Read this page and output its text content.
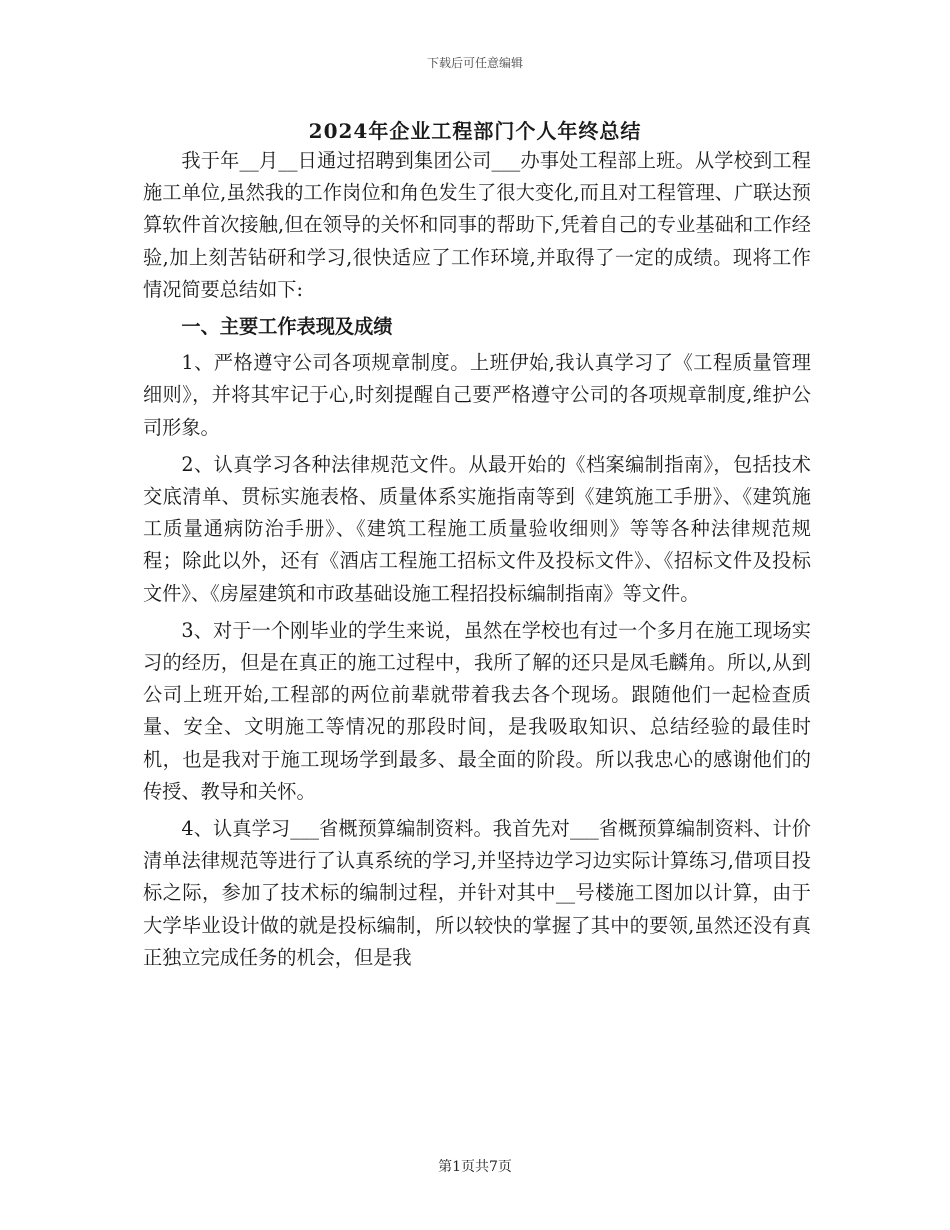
下载后可任意编辑
2024年企业工程部门个人年终总结

我于年__月__日通过招聘到集团公司___办事处工程部上班。从学校到工程施工单位,虽然我的工作岗位和角色发生了很大变化,而且对工程管理、广联达预算软件首次接触,但在领导的关怀和同事的帮助下,凭着自己的专业基础和工作经验,加上刻苦钻研和学习,很快适应了工作环境,并取得了一定的成绩。现将工作情况简要总结如下:

一、主要工作表现及成绩

1、严格遵守公司各项规章制度。上班伊始,我认真学习了《工程质量管理细则》，并将其牢记于心,时刻提醒自己要严格遵守公司的各项规章制度,维护公司形象。

2、认真学习各种法律规范文件。从最开始的《档案编制指南》，包括技术交底清单、贯标实施表格、质量体系实施指南等到《建筑施工手册》、《建筑施工质量通病防治手册》、《建筑工程施工质量验收细则》等等各种法律规范规程；除此以外，还有《酒店工程施工招标文件及投标文件》、《招标文件及投标文件》、《房屋建筑和市政基础设施工程招投标编制指南》等文件。

3、对于一个刚毕业的学生来说，虽然在学校也有过一个多月在施工现场实习的经历，但是在真正的施工过程中，我所了解的还只是凤毛麟角。所以,从到公司上班开始,工程部的两位前辈就带着我去各个现场。跟随他们一起检查质量、安全、文明施工等情况的那段时间，是我吸取知识、总结经验的最佳时机，也是我对于施工现场学到最多、最全面的阶段。所以我忠心的感谢他们的传授、教导和关怀。

4、认真学习___省概预算编制资料。我首先对___省概预算编制资料、计价清单法律规范等进行了认真系统的学习,并坚持边学习边实际计算练习,借项目投标之际，参加了技术标的编制过程，并针对其中__号楼施工图加以计算，由于大学毕业设计做的就是投标编制，所以较快的掌握了其中的要领,虽然还没有真正独立完成任务的机会，但是我

第1页共7页
